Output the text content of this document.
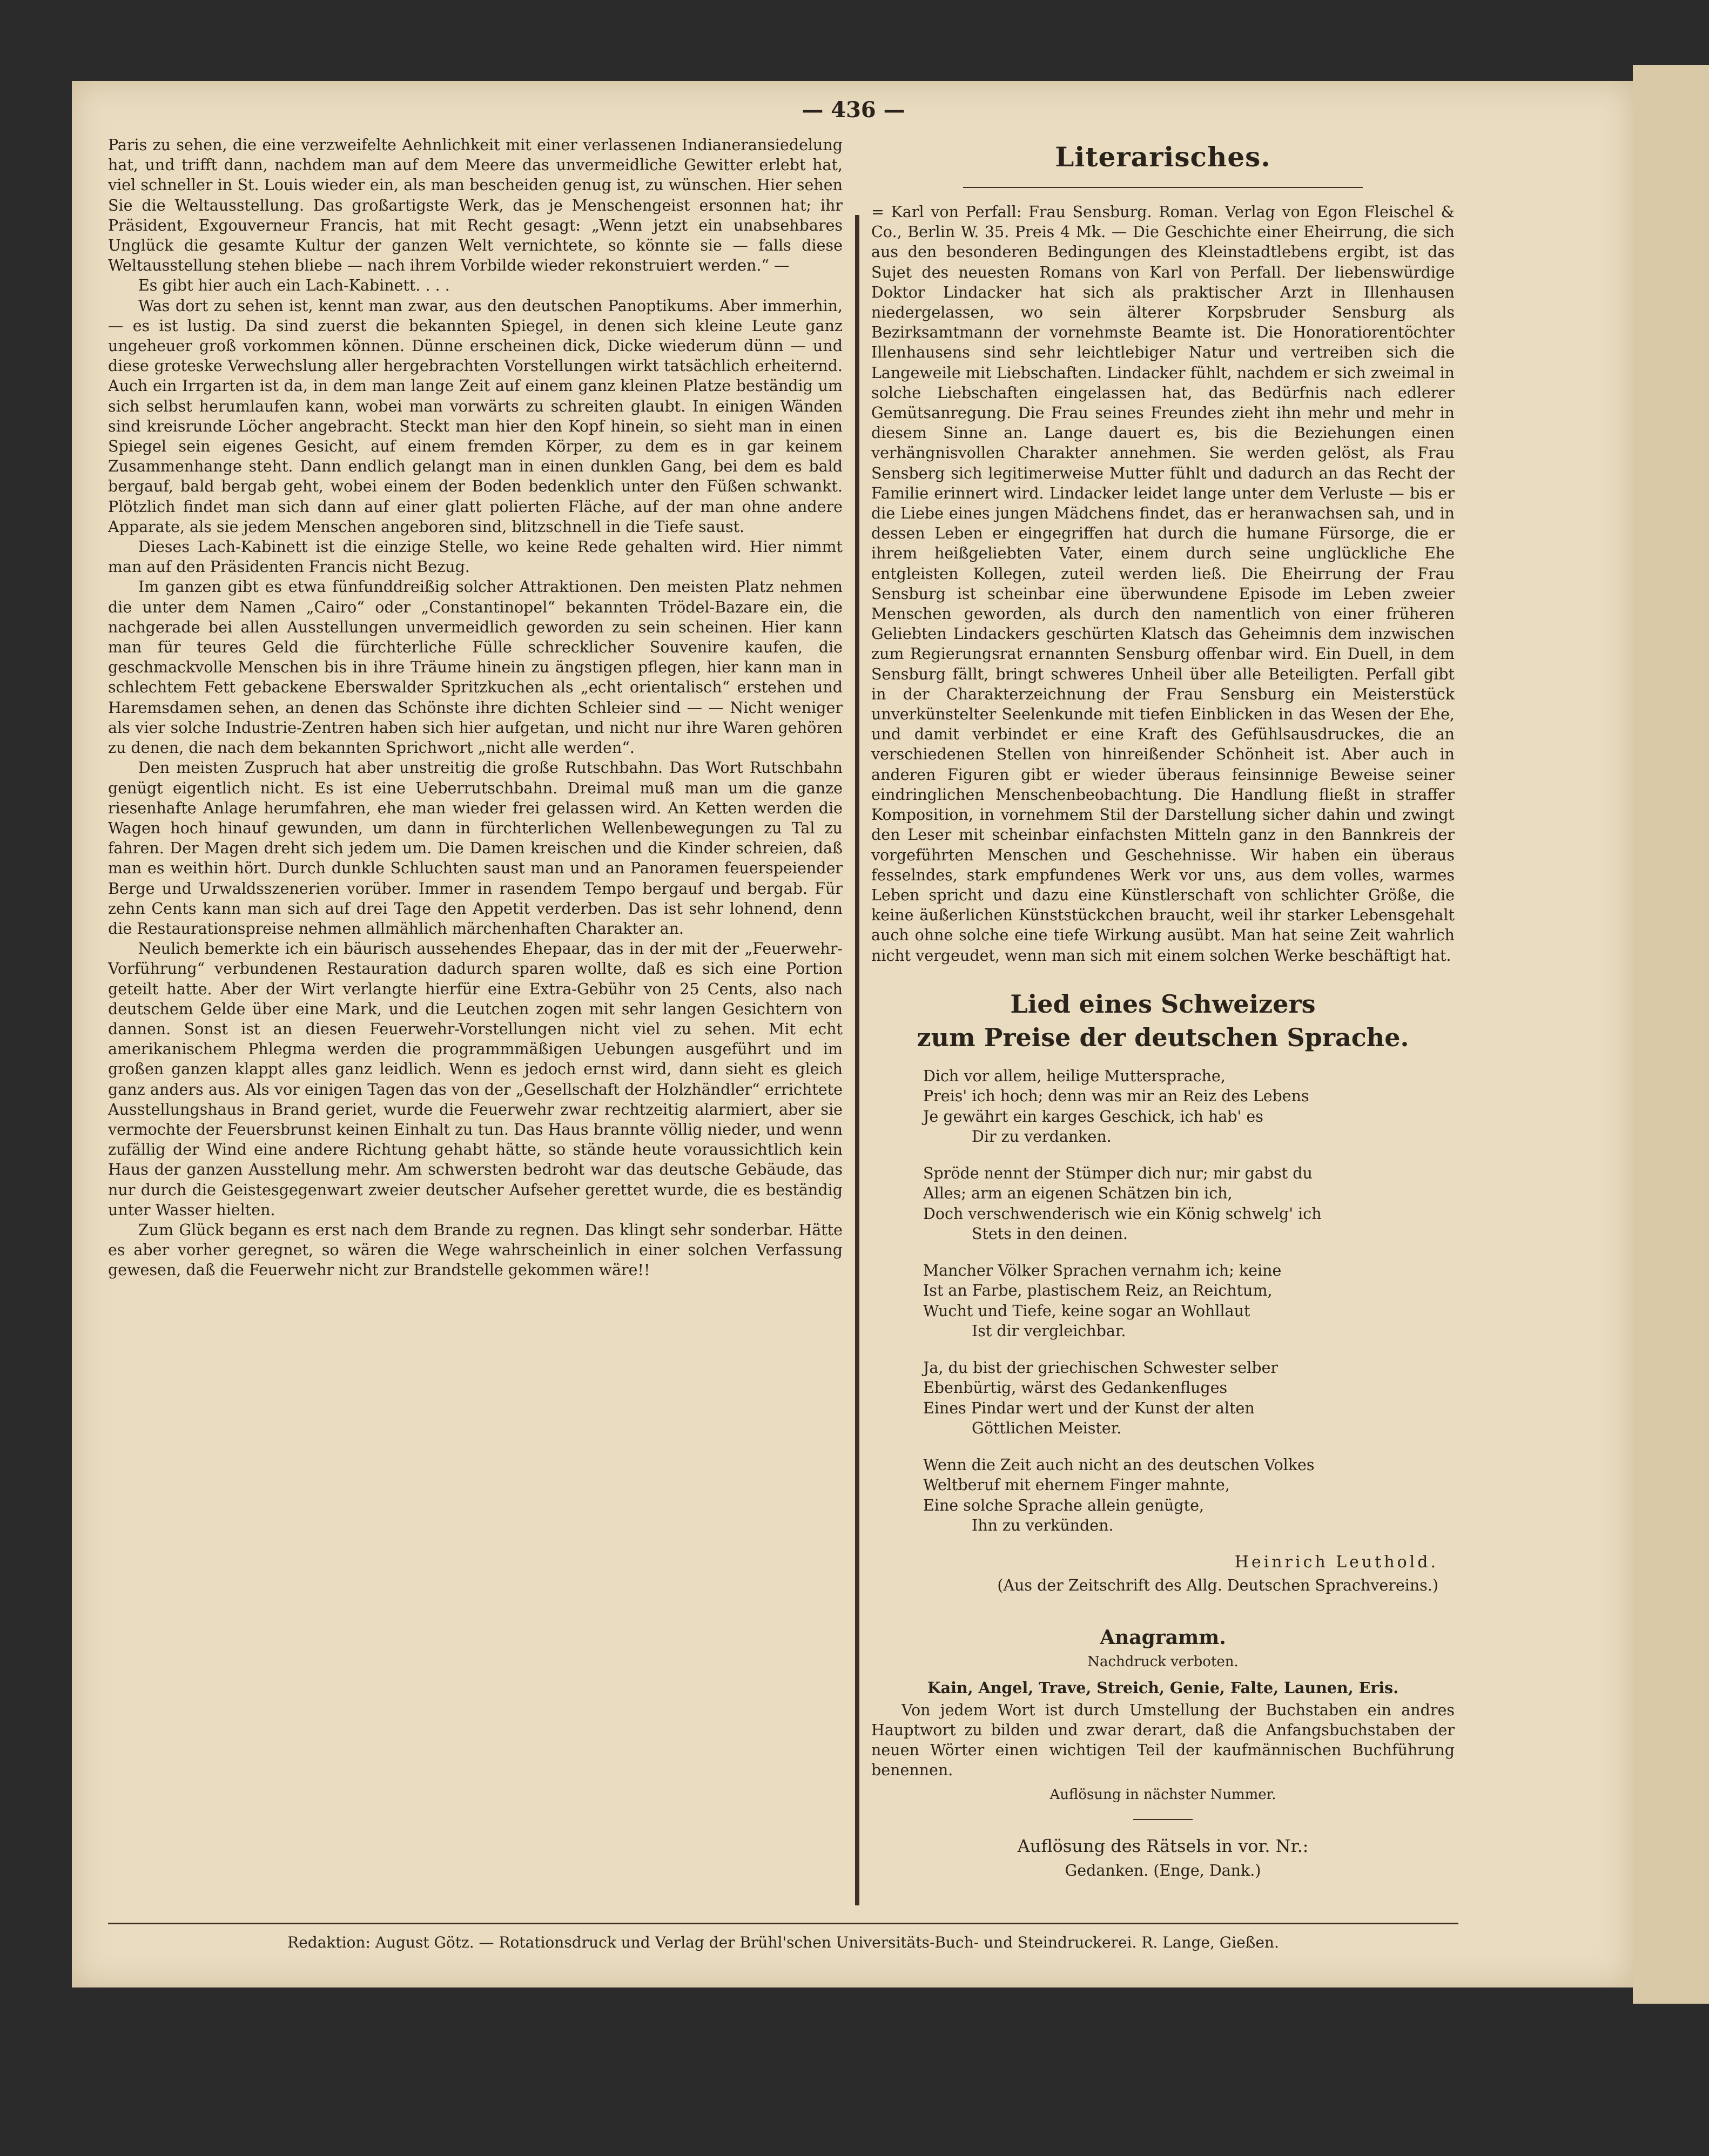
— 436 —

Paris zu sehen, die eine verzweifelte Aehnlichkeit mit einer verlassenen Indianeransiedelung hat, und trifft dann, nachdem man auf dem Meere das unvermeidliche Gewitter erlebt hat, viel schneller in St. Louis wieder ein, als man bescheiden genug ist, zu wünschen. Hier sehen Sie die Weltausstellung. Das großartigste Werk, das je Menschengeist ersonnen hat; ihr Präsident, Exgouverneur Francis, hat mit Recht gesagt: „Wenn jetzt ein unabsehbares Unglück die gesamte Kultur der ganzen Welt vernichtete, so könnte sie — falls diese Weltausstellung stehen bliebe — nach ihrem Vorbilde wieder rekonstruiert werden.“ —

Es gibt hier auch ein Lach-Kabinett. . . .

Was dort zu sehen ist, kennt man zwar, aus den deutschen Panoptikums. Aber immerhin, — es ist lustig. Da sind zuerst die bekannten Spiegel, in denen sich kleine Leute ganz ungeheuer groß vorkommen können. Dünne erscheinen dick, Dicke wiederum dünn — und diese groteske Verwechslung aller hergebrachten Vorstellungen wirkt tatsächlich erheiternd. Auch ein Irrgarten ist da, in dem man lange Zeit auf einem ganz kleinen Platze beständig um sich selbst herumlaufen kann, wobei man vorwärts zu schreiten glaubt. In einigen Wänden sind kreisrunde Löcher angebracht. Steckt man hier den Kopf hinein, so sieht man in einen Spiegel sein eigenes Gesicht, auf einem fremden Körper, zu dem es in gar keinem Zusammenhange steht. Dann endlich gelangt man in einen dunklen Gang, bei dem es bald bergauf, bald bergab geht, wobei einem der Boden bedenklich unter den Füßen schwankt. Plötzlich findet man sich dann auf einer glatt polierten Fläche, auf der man ohne andere Apparate, als sie jedem Menschen angeboren sind, blitzschnell in die Tiefe saust.

Dieses Lach-Kabinett ist die einzige Stelle, wo keine Rede gehalten wird. Hier nimmt man auf den Präsidenten Francis nicht Bezug.

Im ganzen gibt es etwa fünfunddreißig solcher Attraktionen. Den meisten Platz nehmen die unter dem Namen „Cairo“ oder „Constantinopel“ bekannten Trödel-Bazare ein, die nachgerade bei allen Ausstellungen unvermeidlich geworden zu sein scheinen. Hier kann man für teures Geld die fürchterliche Fülle schrecklicher Souvenire kaufen, die geschmackvolle Menschen bis in ihre Träume hinein zu ängstigen pflegen, hier kann man in schlechtem Fett gebackene Eberswalder Spritzkuchen als „echt orientalisch“ erstehen und Haremsdamen sehen, an denen das Schönste ihre dichten Schleier sind — — Nicht weniger als vier solche Industrie-Zentren haben sich hier aufgetan, und nicht nur ihre Waren gehören zu denen, die nach dem bekannten Sprichwort „nicht alle werden“.

Den meisten Zuspruch hat aber unstreitig die große Rutschbahn. Das Wort Rutschbahn genügt eigentlich nicht. Es ist eine Ueberrutschbahn. Dreimal muß man um die ganze riesenhafte Anlage herumfahren, ehe man wieder frei gelassen wird. An Ketten werden die Wagen hoch hinauf gewunden, um dann in fürchterlichen Wellenbewegungen zu Tal zu fahren. Der Magen dreht sich jedem um. Die Damen kreischen und die Kinder schreien, daß man es weithin hört. Durch dunkle Schluchten saust man und an Panoramen feuerspeiender Berge und Urwaldsszenerien vorüber. Immer in rasendem Tempo bergauf und bergab. Für zehn Cents kann man sich auf drei Tage den Appetit verderben. Das ist sehr lohnend, denn die Restaurationspreise nehmen allmählich märchenhaften Charakter an.

Neulich bemerkte ich ein bäurisch aussehendes Ehepaar, das in der mit der „Feuerwehr-Vorführung“ verbundenen Restauration dadurch sparen wollte, daß es sich eine Portion geteilt hatte. Aber der Wirt verlangte hierfür eine Extra-Gebühr von 25 Cents, also nach deutschem Gelde über eine Mark, und die Leutchen zogen mit sehr langen Gesichtern von dannen. Sonst ist an diesen Feuerwehr-Vorstellungen nicht viel zu sehen. Mit echt amerikanischem Phlegma werden die programmmäßigen Uebungen ausgeführt und im großen ganzen klappt alles ganz leidlich. Wenn es jedoch ernst wird, dann sieht es gleich ganz anders aus. Als vor einigen Tagen das von der „Gesellschaft der Holzhändler“ errichtete Ausstellungshaus in Brand geriet, wurde die Feuerwehr zwar rechtzeitig alarmiert, aber sie vermochte der Feuersbrunst keinen Einhalt zu tun. Das Haus brannte völlig nieder, und wenn zufällig der Wind eine andere Richtung gehabt hätte, so stände heute voraussichtlich kein Haus der ganzen Ausstellung mehr. Am schwersten bedroht war das deutsche Gebäude, das nur durch die Geistesgegenwart zweier deutscher Aufseher gerettet wurde, die es beständig unter Wasser hielten.

Zum Glück begann es erst nach dem Brande zu regnen. Das klingt sehr sonderbar. Hätte es aber vorher geregnet, so wären die Wege wahrscheinlich in einer solchen Verfassung gewesen, daß die Feuerwehr nicht zur Brandstelle gekommen wäre!!

Literarisches.

= Karl von Perfall: Frau Sensburg. Roman. Verlag von Egon Fleischel & Co., Berlin W. 35. Preis 4 Mk. — Die Geschichte einer Eheirrung, die sich aus den besonderen Bedingungen des Kleinstadtlebens ergibt, ist das Sujet des neuesten Romans von Karl von Perfall. Der liebenswürdige Doktor Lindacker hat sich als praktischer Arzt in Illenhausen niedergelassen, wo sein älterer Korpsbruder Sensburg als Bezirksamtmann der vornehmste Beamte ist. Die Honoratiorentöchter Illenhausens sind sehr leichtlebiger Natur und vertreiben sich die Langeweile mit Liebschaften. Lindacker fühlt, nachdem er sich zweimal in solche Liebschaften eingelassen hat, das Bedürfnis nach edlerer Gemütsanregung. Die Frau seines Freundes zieht ihn mehr und mehr in diesem Sinne an. Lange dauert es, bis die Beziehungen einen verhängnisvollen Charakter annehmen. Sie werden gelöst, als Frau Sensberg sich legitimerweise Mutter fühlt und dadurch an das Recht der Familie erinnert wird. Lindacker leidet lange unter dem Verluste — bis er die Liebe eines jungen Mädchens findet, das er heranwachsen sah, und in dessen Leben er eingegriffen hat durch die humane Fürsorge, die er ihrem heißgeliebten Vater, einem durch seine unglückliche Ehe entgleisten Kollegen, zuteil werden ließ. Die Eheirrung der Frau Sensburg ist scheinbar eine überwundene Episode im Leben zweier Menschen geworden, als durch den namentlich von einer früheren Geliebten Lindackers geschürten Klatsch das Geheimnis dem inzwischen zum Regierungsrat ernannten Sensburg offenbar wird. Ein Duell, in dem Sensburg fällt, bringt schweres Unheil über alle Beteiligten. Perfall gibt in der Charakterzeichnung der Frau Sensburg ein Meisterstück unverkünstelter Seelenkunde mit tiefen Einblicken in das Wesen der Ehe, und damit verbindet er eine Kraft des Gefühlsausdruckes, die an verschiedenen Stellen von hinreißender Schönheit ist. Aber auch in anderen Figuren gibt er wieder überaus feinsinnige Beweise seiner eindringlichen Menschenbeobachtung. Die Handlung fließt in straffer Komposition, in vornehmem Stil der Darstellung sicher dahin und zwingt den Leser mit scheinbar einfachsten Mitteln ganz in den Bannkreis der vorgeführten Menschen und Geschehnisse. Wir haben ein überaus fesselndes, stark empfundenes Werk vor uns, aus dem volles, warmes Leben spricht und dazu eine Künstlerschaft von schlichter Größe, die keine äußerlichen Künststückchen braucht, weil ihr starker Lebensgehalt auch ohne solche eine tiefe Wirkung ausübt. Man hat seine Zeit wahrlich nicht vergeudet, wenn man sich mit einem solchen Werke beschäftigt hat.

Lied eines Schweizers
zum Preise der deutschen Sprache.
Dich vor allem, heilige Muttersprache,
Preis' ich hoch; denn was mir an Reiz des Lebens
Je gewährt ein karges Geschick, ich hab' es
Dir zu verdanken.
Spröde nennt der Stümper dich nur; mir gabst du
Alles; arm an eigenen Schätzen bin ich,
Doch verschwenderisch wie ein König schwelg' ich
Stets in den deinen.
Mancher Völker Sprachen vernahm ich; keine
Ist an Farbe, plastischem Reiz, an Reichtum,
Wucht und Tiefe, keine sogar an Wohllaut
Ist dir vergleichbar.
Ja, du bist der griechischen Schwester selber
Ebenbürtig, wärst des Gedankenfluges
Eines Pindar wert und der Kunst der alten
Göttlichen Meister.
Wenn die Zeit auch nicht an des deutschen Volkes
Weltberuf mit ehernem Finger mahnte,
Eine solche Sprache allein genügte,
Ihn zu verkünden.
Heinrich Leuthold.
(Aus der Zeitschrift des Allg. Deutschen Sprachvereins.)
Anagramm.
Nachdruck verboten.
Kain, Angel, Trave, Streich, Genie, Falte, Launen, Eris.

Von jedem Wort ist durch Umstellung der Buchstaben ein andres Hauptwort zu bilden und zwar derart, daß die Anfangsbuchstaben der neuen Wörter einen wichtigen Teil der kaufmännischen Buchführung benennen.

Auflösung in nächster Nummer.
Auflösung des Rätsels in vor. Nr.:
Gedanken. (Enge, Dank.)
Redaktion: August Götz. — Rotationsdruck und Verlag der Brühl'schen Universitäts-Buch- und Steindruckerei. R. Lange, Gießen.
